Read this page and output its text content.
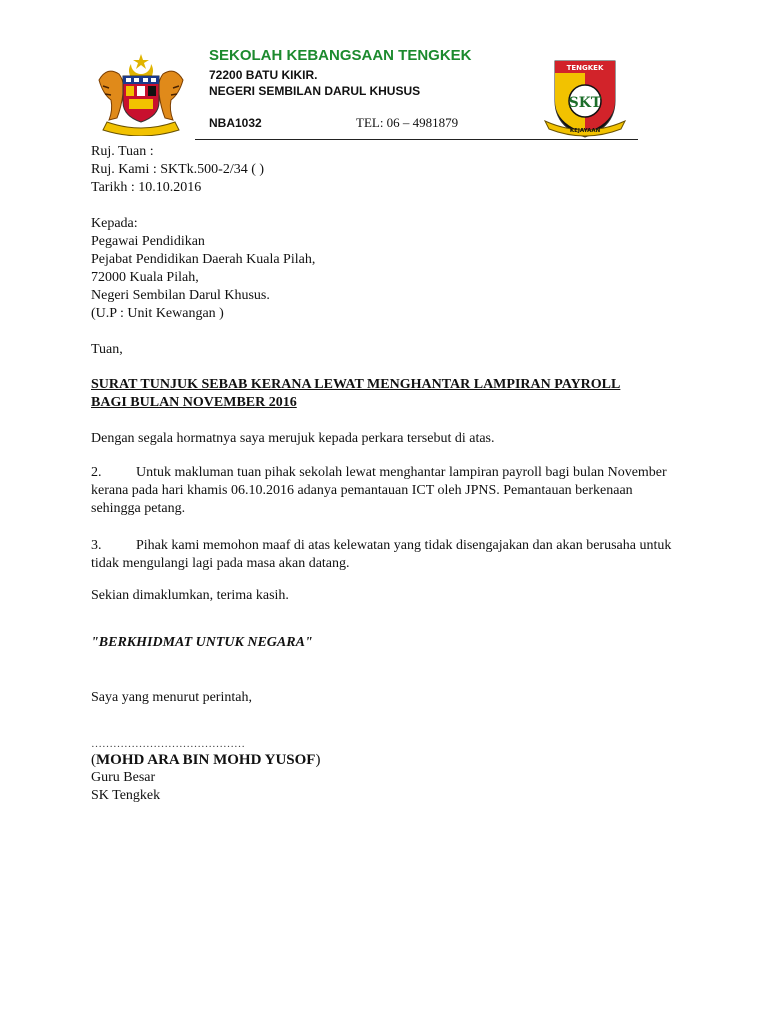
TENGKEK
SKT
KEJAYAAN
SEKOLAH KEBANGSAAN TENGKEK
72200 BATU KIKIR.
NEGERI SEMBILAN DARUL KHUSUS
NBA1032	TEL: 06 – 4981879
Ruj. Tuan :
Ruj. Kami : SKTk.500-2/34 ( )
Tarikh : 10.10.2016
Kepada:
Pegawai Pendidikan
Pejabat Pendidikan Daerah Kuala Pilah,
72000 Kuala Pilah,
Negeri Sembilan Darul Khusus.
(U.P : Unit Kewangan )
Tuan,
SURAT TUNJUK SEBAB KERANA LEWAT MENGHANTAR LAMPIRAN PAYROLL
BAGI BULAN NOVEMBER 2016
Dengan segala hormatnya saya merujuk kepada perkara tersebut di atas.
2. Untuk makluman tuan pihak sekolah lewat menghantar lampiran payroll bagi bulan November kerana pada hari khamis 06.10.2016 adanya pemantauan ICT oleh JPNS. Pemantauan berkenaan sehingga petang.
3. Pihak kami memohon maaf di atas kelewatan yang tidak disengajakan dan akan berusaha untuk tidak mengulangi lagi pada masa akan datang.
Sekian dimaklumkan, terima kasih.
"BERKHIDMAT UNTUK NEGARA"
Saya yang menurut perintah,
……………………………………
(MOHD ARA BIN MOHD YUSOF)
Guru Besar
SK Tengkek
